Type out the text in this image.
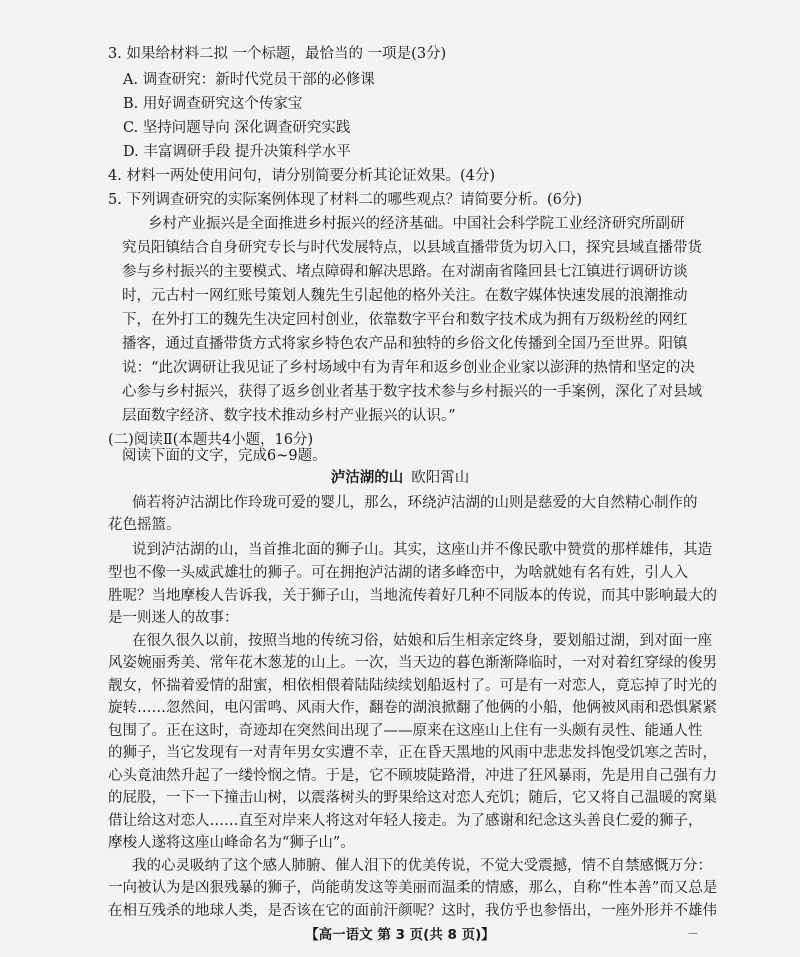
3. 如果给材料二拟 一个标题，最恰当的 一项是(3分)
A. 调查研究：新时代党员干部的必修课
B. 用好调查研究这个传家宝
C. 坚持问题导向 深化调查研究实践
D. 丰富调研手段 提升决策科学水平
4. 材料一两处使用问句，请分别简要分析其论证效果。(4分)
5. 下列调查研究的实际案例体现了材料二的哪些观点？请简要分析。(6分)
乡村产业振兴是全面推进乡村振兴的经济基础。中国社会科学院工业经济研究所副研
究员阳镇结合自身研究专长与时代发展特点，以县域直播带货为切入口，探究县域直播带货
参与乡村振兴的主要模式、堵点障碍和解决思路。在对湖南省隆回县七江镇进行调研访谈
时，元古村一网红账号策划人魏先生引起他的格外关注。在数字媒体快速发展的浪潮推动
下，在外打工的魏先生决定回村创业，依靠数字平台和数字技术成为拥有万级粉丝的网红
播客，通过直播带货方式将家乡特色农产品和独特的乡俗文化传播到全国乃至世界。阳镇
说：“此次调研让我见证了乡村场域中有为青年和返乡创业企业家以澎湃的热情和坚定的决
心参与乡村振兴，获得了返乡创业者基于数字技术参与乡村振兴的一手案例，深化了对县域
层面数字经济、数字技术推动乡村产业振兴的认识。”
(二)阅读Ⅱ(本题共4小题，16分)
阅读下面的文字，完成6~9题。
泸沽湖的山 欧阳霄山
倘若将泸沽湖比作玲珑可爱的婴儿，那么，环绕泸沽湖的山则是慈爱的大自然精心制作的
花色摇篮。
说到泸沽湖的山，当首推北面的狮子山。其实，这座山并不像民歌中赞赏的那样雄伟，其造
型也不像一头威武雄壮的狮子。可在拥抱泸沽湖的诸多峰峦中，为啥就她有名有姓，引人入
胜呢？当地摩梭人告诉我，关于狮子山，当地流传着好几种不同版本的传说，而其中影响最大的
是一则迷人的故事：
在很久很久以前，按照当地的传统习俗，姑娘和后生相亲定终身，要划船过湖，到对面一座
风姿婉丽秀美、常年花木葱茏的山上。一次，当天边的暮色渐渐降临时，一对对着红穿绿的俊男
靓女，怀揣着爱情的甜蜜，相依相偎着陆陆续续划船返村了。可是有一对恋人，竟忘掉了时光的
旋转……忽然间，电闪雷鸣、风雨大作，翻卷的湖浪掀翻了他俩的小船，他俩被风雨和恐惧紧紧
包围了。正在这时，奇迹却在突然间出现了——原来在这座山上住有一头颇有灵性、能通人性
的狮子，当它发现有一对青年男女实遭不幸，正在昏天黑地的风雨中悲悲发抖饱受饥寒之苦时，
心头竟油然升起了一缕怜悯之情。于是，它不顾坡陡路滑，冲进了狂风暴雨，先是用自己强有力
的屁股，一下一下撞击山树，以震落树头的野果给这对恋人充饥；随后，它又将自己温暖的窝巢
借让给这对恋人……直至对岸来人将这对年轻人接走。为了感谢和纪念这头善良仁爱的狮子，
摩梭人遂将这座山峰命名为“狮子山”。
我的心灵吸纳了这个感人肺腑、催人泪下的优美传说，不觉大受震撼，情不自禁感慨万分：
一向被认为是凶狠残暴的狮子，尚能萌发这等美丽而温柔的情感，那么，自称“性本善”而又总是
在相互残杀的地球人类，是否该在它的面前汗颜呢？这时，我仿乎也参悟出，一座外形并不雄伟
【高一语文 第 3 页(共 8 页)】	—
